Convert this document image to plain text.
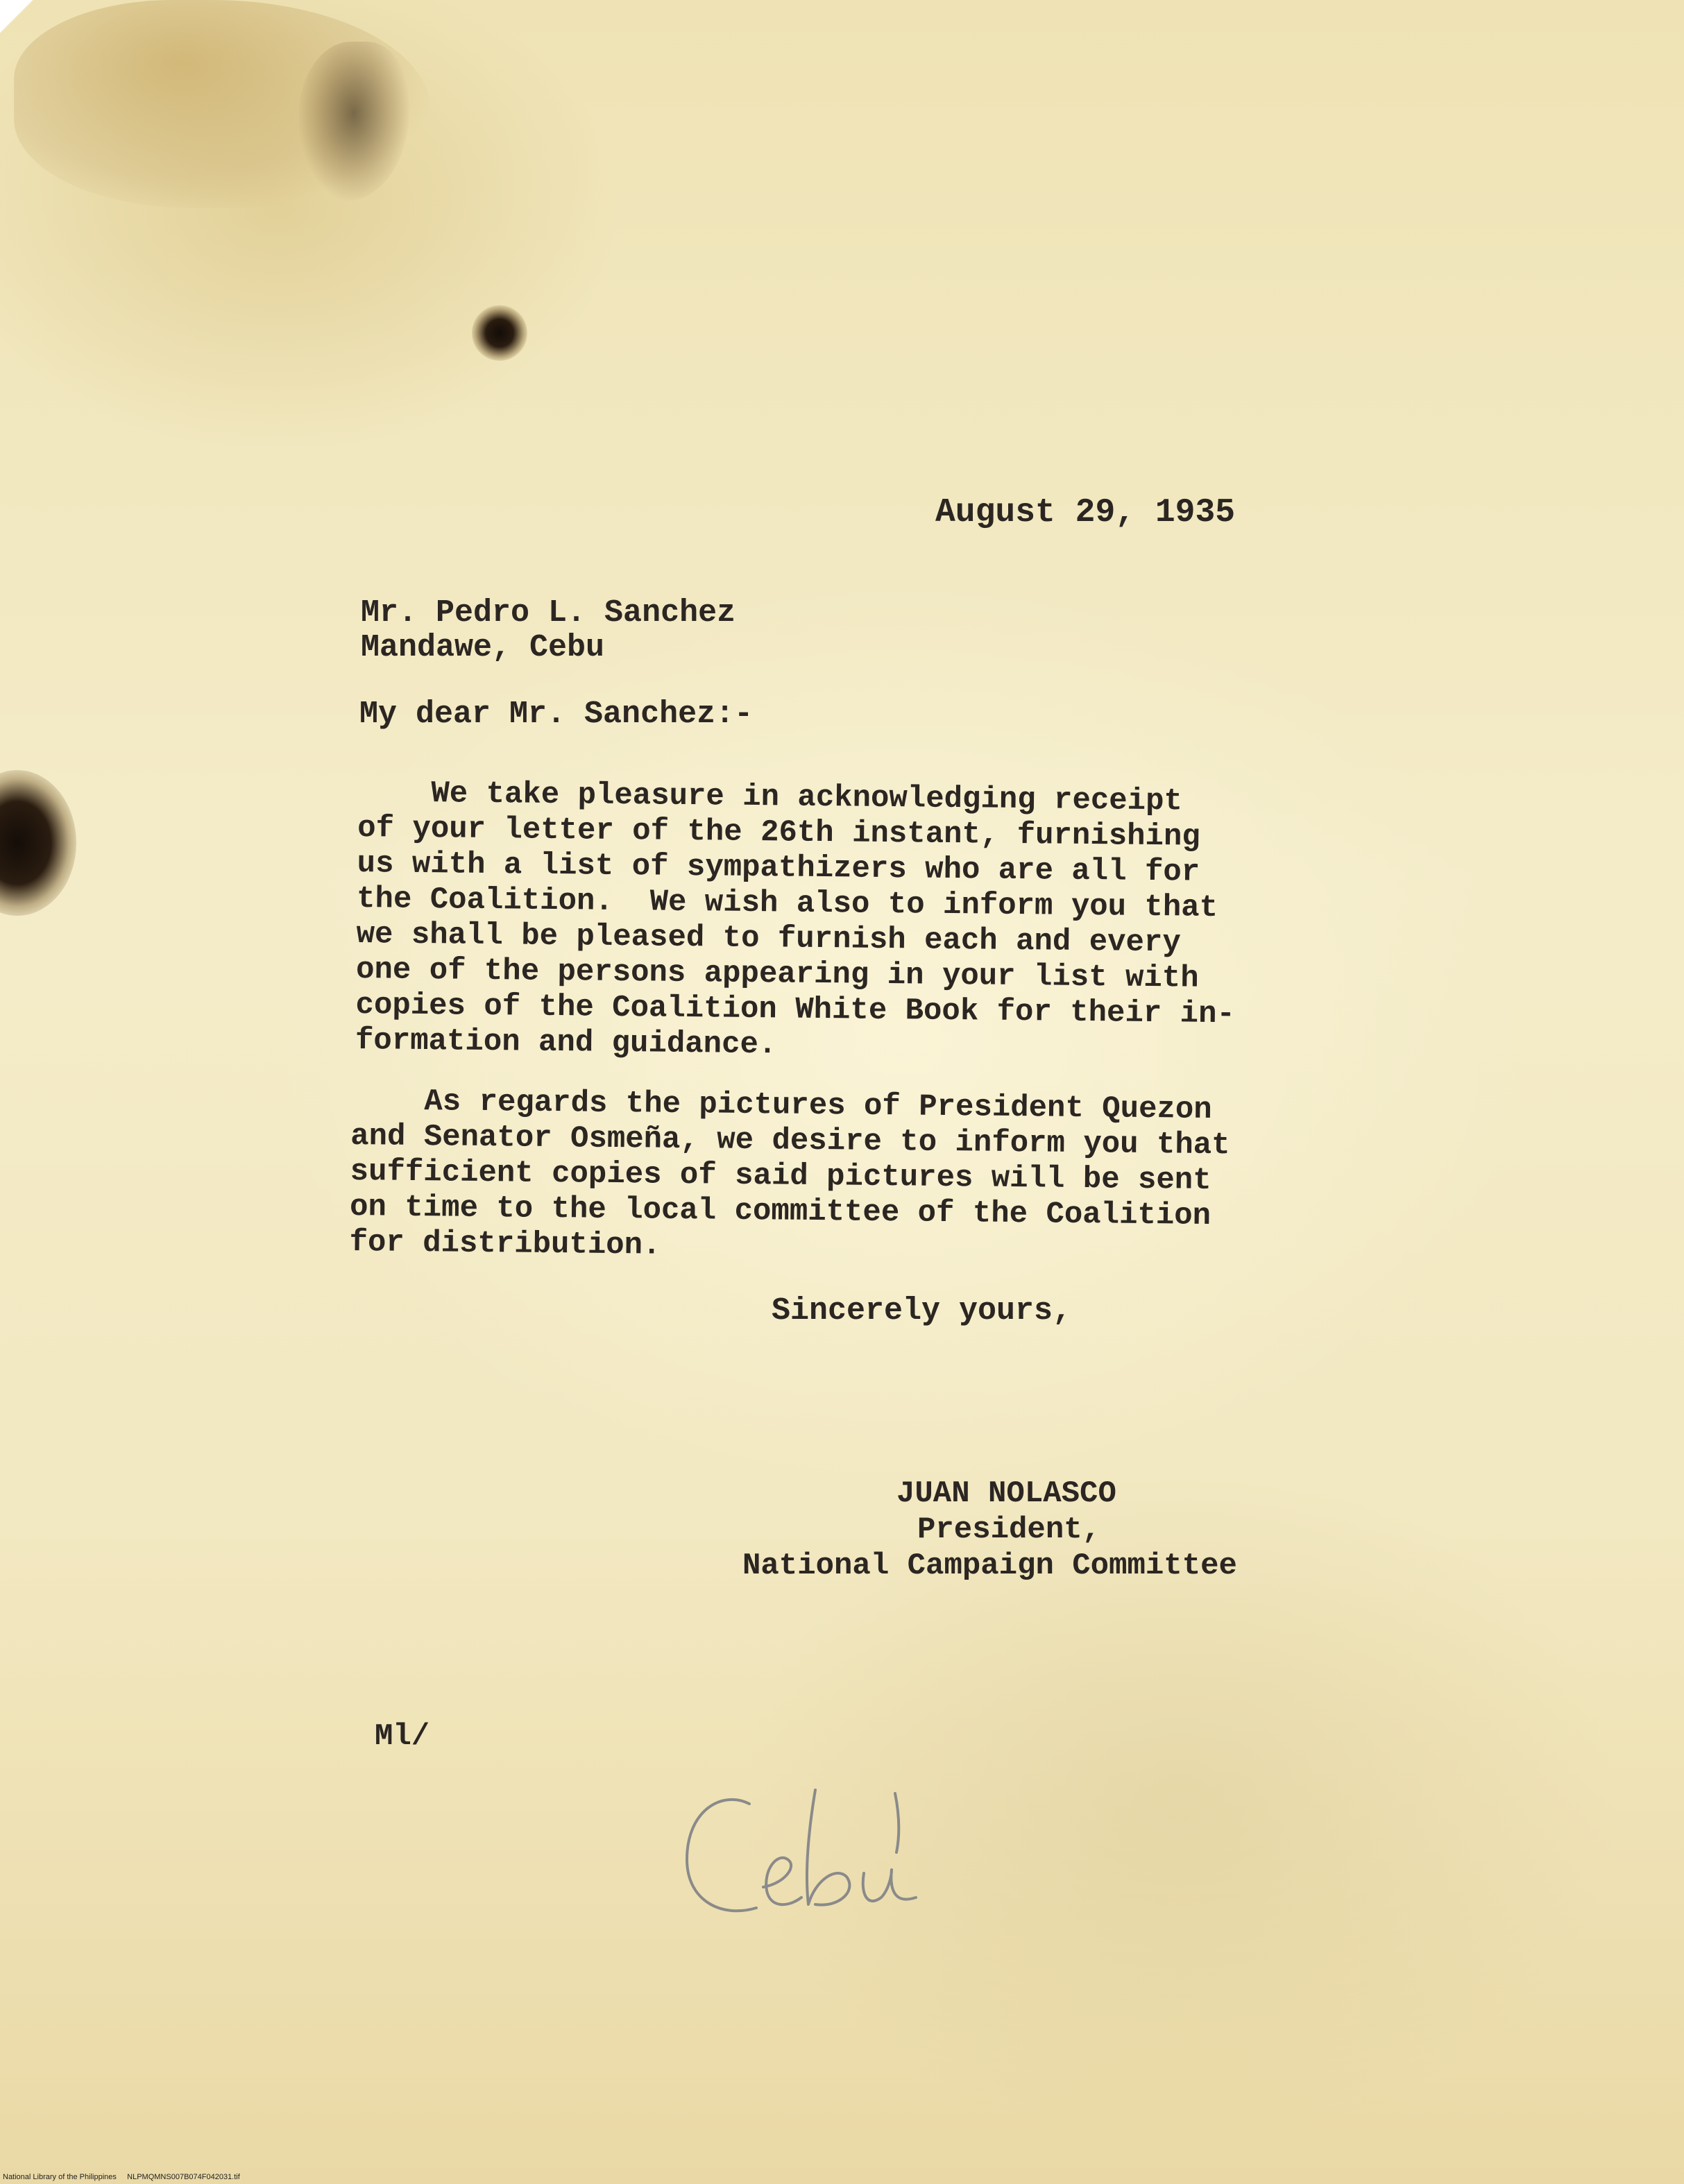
August 29, 1935

Mr. Pedro L. Sanchez

Mandawe, Cebu

My dear Mr. Sanchez:-

We take pleasure in acknowledging receipt
of your letter of the 26th instant, furnishing
us with a list of sympathizers who are all for
the Coalition.  We wish also to inform you that
we shall be pleased to furnish each and every
one of the persons appearing in your list with
copies of the Coalition White Book for their in-
formation and guidance.
As regards the pictures of President Quezon
and Senator Osmeña, we desire to inform you that
sufficient copies of said pictures will be sent
on time to the local committee of the Coalition
for distribution.

Sincerely yours,

JUAN NOLASCO

President,

National Campaign Committee

Ml/

National Library of the Philippines     NLPMQMNS007B074F042031.tif
